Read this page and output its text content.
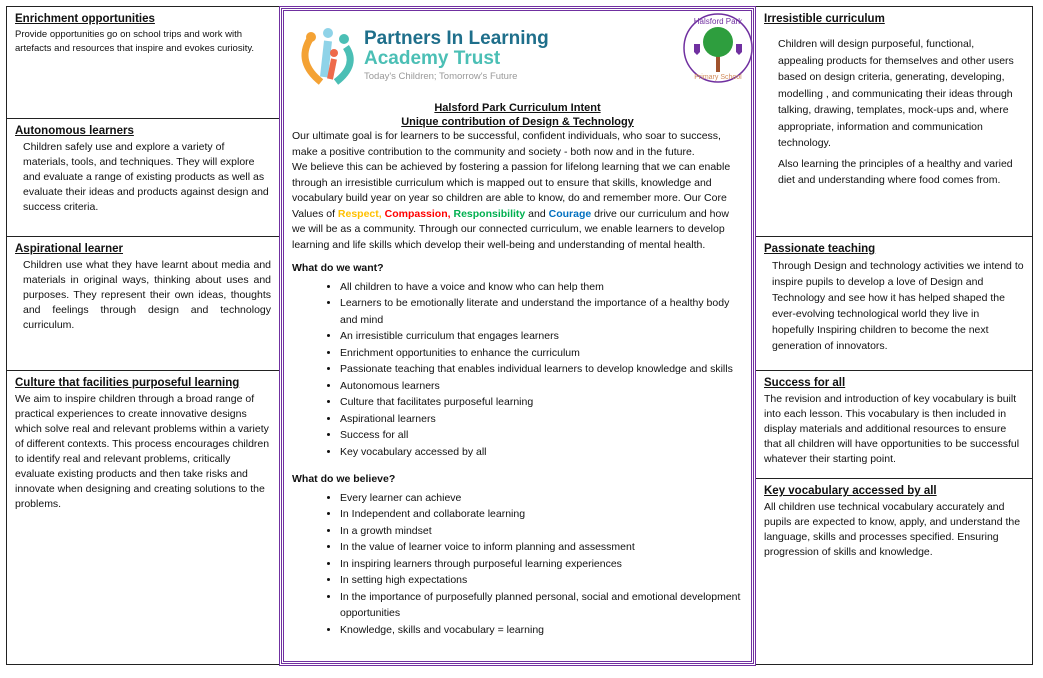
Enrichment opportunities

Provide opportunities go on school trips and work with artefacts and resources that inspire and evokes curiosity.

Autonomous learners

Children safely use and explore a variety of materials, tools, and techniques. They will explore and evaluate a range of existing products as well as evaluate their ideas and products against design and success criteria.

Aspirational learner

Children use what they have learnt about media and materials in original ways, thinking about uses and purposes. They represent their own ideas, thoughts and feelings through design and technology curriculum.

Culture that facilities purposeful learning

We aim to inspire children through a broad range of practical experiences to create innovative designs which solve real and relevant problems within a variety of different contexts. This process encourages children to identify real and relevant problems, critically evaluate existing products and then take risks and innovate when designing and creating solutions to the problems.

Irresistible curriculum

Children will design purposeful, functional, appealing products for themselves and other users based on design criteria, generating, developing, modelling , and communicating their ideas through talking, drawing, templates, mock-ups and, where appropriate, information and communication technology.

Also learning the principles of a healthy and varied diet and understanding where food comes from.

Passionate teaching

Through Design and technology activities we intend to inspire pupils to develop a love of Design and Technology and see how it has helped shaped the ever-evolving technological world they live in hopefully Inspiring children to become the next generation of innovators.

Success for all

The revision and introduction of key vocabulary is built into each lesson. This vocabulary is then included in display materials and additional resources to ensure that all children will have opportunities to be successful whatever their starting point.

Key vocabulary accessed by all

All children use technical vocabulary accurately and pupils are expected to know, apply, and understand the language, skills and processes specified. Ensuring progression of skills and knowledge.

Partners In Learning
Academy Trust
Today's Children; Tomorrow's Future
Halsford Park
Primary School
Halsford Park Curriculum Intent
Unique contribution of Design & Technology

Our ultimate goal is for learners to be successful, confident individuals, who soar to success, make a positive contribution to the community and society - both now and in the future.

We believe this can be achieved by fostering a passion for lifelong learning that we can enable through an irresistible curriculum which is mapped out to ensure that skills, knowledge and vocabulary build year on year so children are able to know, do and remember more. Our Core Values of Respect, Compassion, Responsibility and Courage drive our curriculum and how we will be as a community. Through our connected curriculum, we enable learners to develop learning and life skills which develop their well-being and understanding of mental health.

What do we want?
• All children to have a voice and know who can help them
• Learners to be emotionally literate and understand the importance of a healthy body and mind
• An irresistible curriculum that engages learners
• Enrichment opportunities to enhance the curriculum
• Passionate teaching that enables individual learners to develop knowledge and skills
• Autonomous learners
• Culture that facilitates purposeful learning
• Aspirational learners
• Success for all
• Key vocabulary accessed by all
What do we believe?
• Every learner can achieve
• In Independent and collaborate learning
• In a growth mindset
• In the value of learner voice to inform planning and assessment
• In inspiring learners through purposeful learning experiences
• In setting high expectations
• In the importance of purposefully planned personal, social and emotional development opportunities
• Knowledge, skills and vocabulary = learning
